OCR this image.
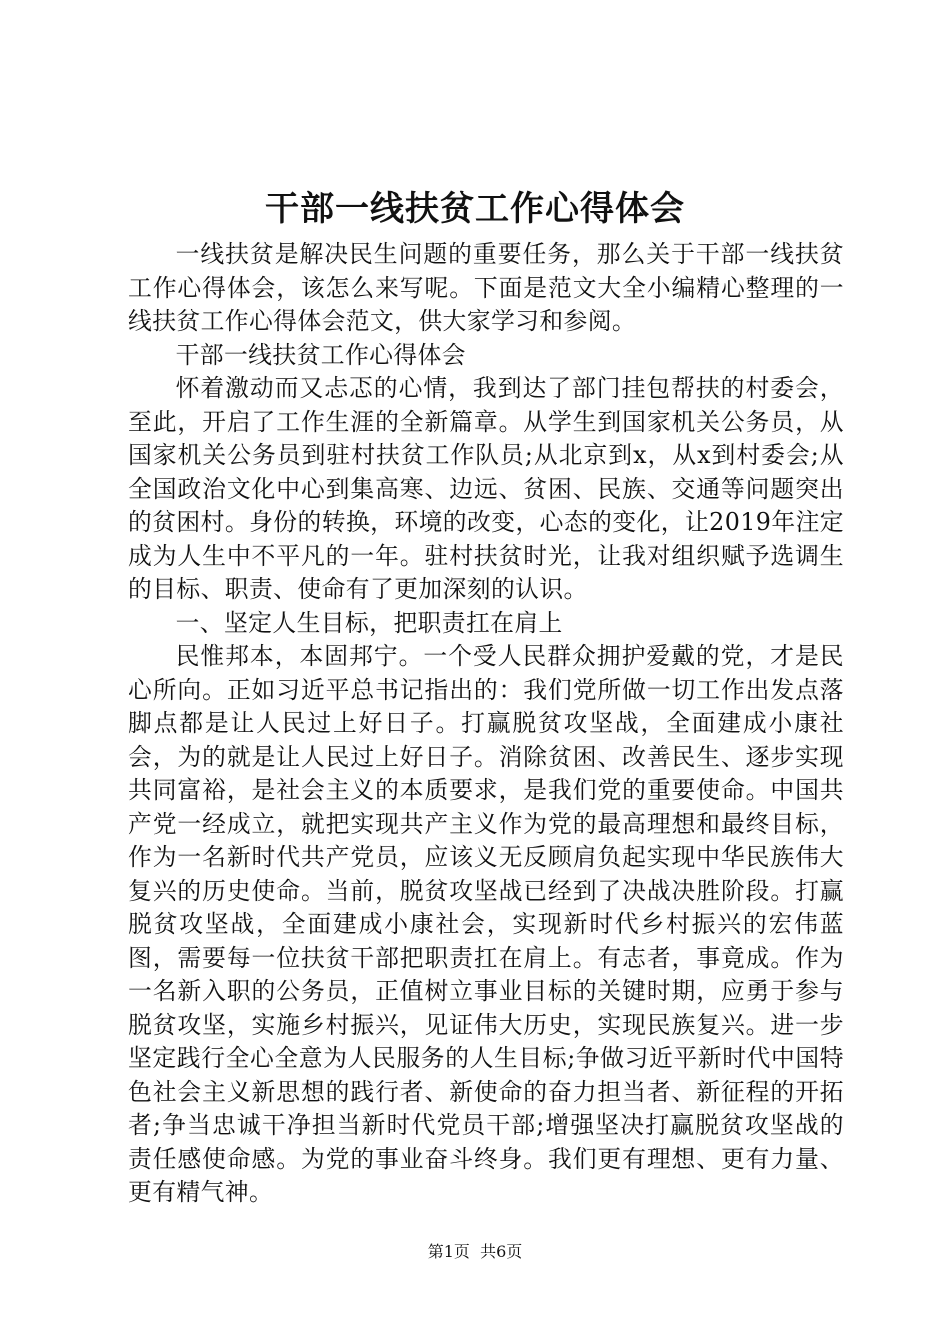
干部一线扶贫工作心得体会

一线扶贫是解决民生问题的重要任务，那么关于干部一线扶贫工作心得体会，该怎么来写呢。下面是范文大全小编精心整理的一线扶贫工作心得体会范文，供大家学习和参阅。

干部一线扶贫工作心得体会

怀着激动而又忐忑的心情，我到达了部门挂包帮扶的村委会，至此，开启了工作生涯的全新篇章。从学生到国家机关公务员，从国家机关公务员到驻村扶贫工作队员;从北京到x，从x到村委会;从全国政治文化中心到集高寒、边远、贫困、民族、交通等问题突出的贫困村。身份的转换，环境的改变，心态的变化，让2019年注定成为人生中不平凡的一年。驻村扶贫时光，让我对组织赋予选调生的目标、职责、使命有了更加深刻的认识。

一、坚定人生目标，把职责扛在肩上

民惟邦本，本固邦宁。一个受人民群众拥护爱戴的党，才是民心所向。正如习近平总书记指出的：我们党所做一切工作出发点落脚点都是让人民过上好日子。打赢脱贫攻坚战，全面建成小康社会，为的就是让人民过上好日子。消除贫困、改善民生、逐步实现共同富裕，是社会主义的本质要求，是我们党的重要使命。中国共产党一经成立，就把实现共产主义作为党的最高理想和最终目标，作为一名新时代共产党员，应该义无反顾肩负起实现中华民族伟大复兴的历史使命。当前，脱贫攻坚战已经到了决战决胜阶段。打赢脱贫攻坚战，全面建成小康社会，实现新时代乡村振兴的宏伟蓝图，需要每一位扶贫干部把职责扛在肩上。有志者，事竟成。作为一名新入职的公务员，正值树立事业目标的关键时期，应勇于参与脱贫攻坚，实施乡村振兴，见证伟大历史，实现民族复兴。进一步坚定践行全心全意为人民服务的人生目标;争做习近平新时代中国特色社会主义新思想的践行者、新使命的奋力担当者、新征程的开拓者;争当忠诚干净担当新时代党员干部;增强坚决打赢脱贫攻坚战的责任感使命感。为党的事业奋斗终身。我们更有理想、更有力量、更有精气神。

第1页 共6页
